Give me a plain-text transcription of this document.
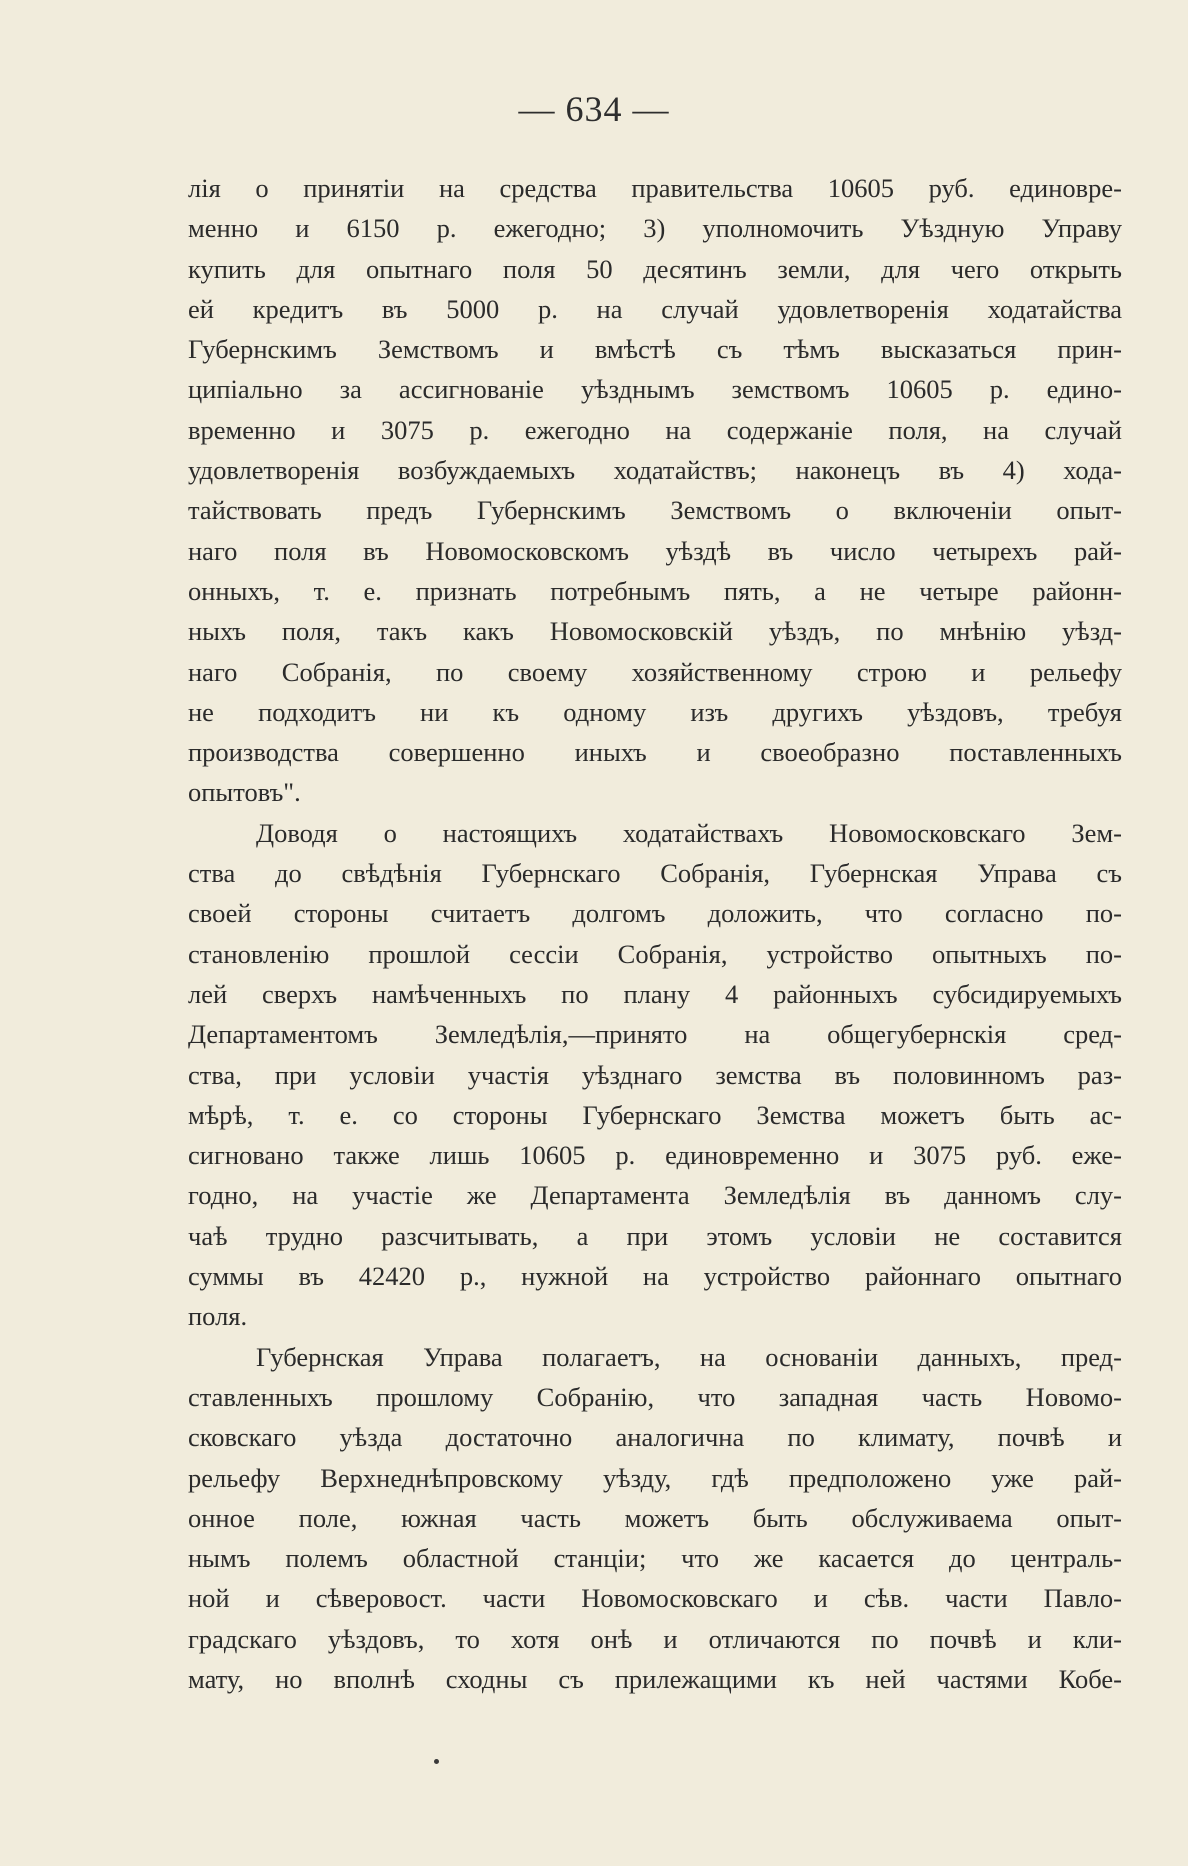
— 634 —
лія о принятіи на средства правительства 10605 руб. единовре-
менно и 6150 р. ежегодно; 3) уполномочить Уѣздную Управу
купить для опытнаго поля 50 десятинъ земли, для чего открыть
ей кредитъ въ 5000 р. на случай удовлетворенія ходатайства
Губернскимъ Земствомъ и вмѣстѣ съ тѣмъ высказаться прин-
ципіально за ассигнованіе уѣзднымъ земствомъ 10605 р. едино-
временно и 3075 р. ежегодно на содержаніе поля, на случай
удовлетворенія возбуждаемыхъ ходатайствъ; наконецъ въ 4) хода-
тайствовать предъ Губернскимъ Земствомъ о включеніи опыт-
наго поля въ Новомосковскомъ уѣздѣ въ число четырехъ рай-
онныхъ, т. е. признать потребнымъ пять, а не четыре районн-
ныхъ поля, такъ какъ Новомосковскій уѣздъ, по мнѣнію уѣзд-
наго Собранія, по своему хозяйственному строю и рельефу
не подходитъ ни къ одному изъ другихъ уѣздовъ, требуя
производства совершенно иныхъ и своеобразно поставленныхъ
опытовъ".
Доводя о настоящихъ ходатайствахъ Новомосковскаго Зем-
ства до свѣдѣнія Губернскаго Собранія, Губернская Управа съ
своей стороны считаетъ долгомъ доложить, что согласно по-
становленію прошлой сессіи Собранія, устройство опытныхъ по-
лей сверхъ намѣченныхъ по плану 4 районныхъ субсидируемыхъ
Департаментомъ Земледѣлія,—принято на общегубернскія сред-
ства, при условіи участія уѣзднаго земства въ половинномъ раз-
мѣрѣ, т. е. со стороны Губернскаго Земства можетъ быть ас-
сигновано также лишь 10605 р. единовременно и 3075 руб. еже-
годно, на участіе же Департамента Земледѣлія въ данномъ слу-
чаѣ трудно разсчитывать, а при этомъ условіи не составится
суммы въ 42420 р., нужной на устройство районнаго опытнаго
поля.
Губернская Управа полагаетъ, на основаніи данныхъ, пред-
ставленныхъ прошлому Собранію, что западная часть Новомо-
сковскаго уѣзда достаточно аналогична по климату, почвѣ и
рельефу Верхнеднѣпровскому уѣзду, гдѣ предположено уже рай-
онное поле, южная часть можетъ быть обслуживаема опыт-
нымъ полемъ областной станціи; что же касается до централь-
ной и сѣверовост. части Новомосковскаго и сѣв. части Павло-
градскаго уѣздовъ, то хотя онѣ и отличаются по почвѣ и кли-
мату, но вполнѣ сходны съ прилежащими къ ней частями Кобе-
